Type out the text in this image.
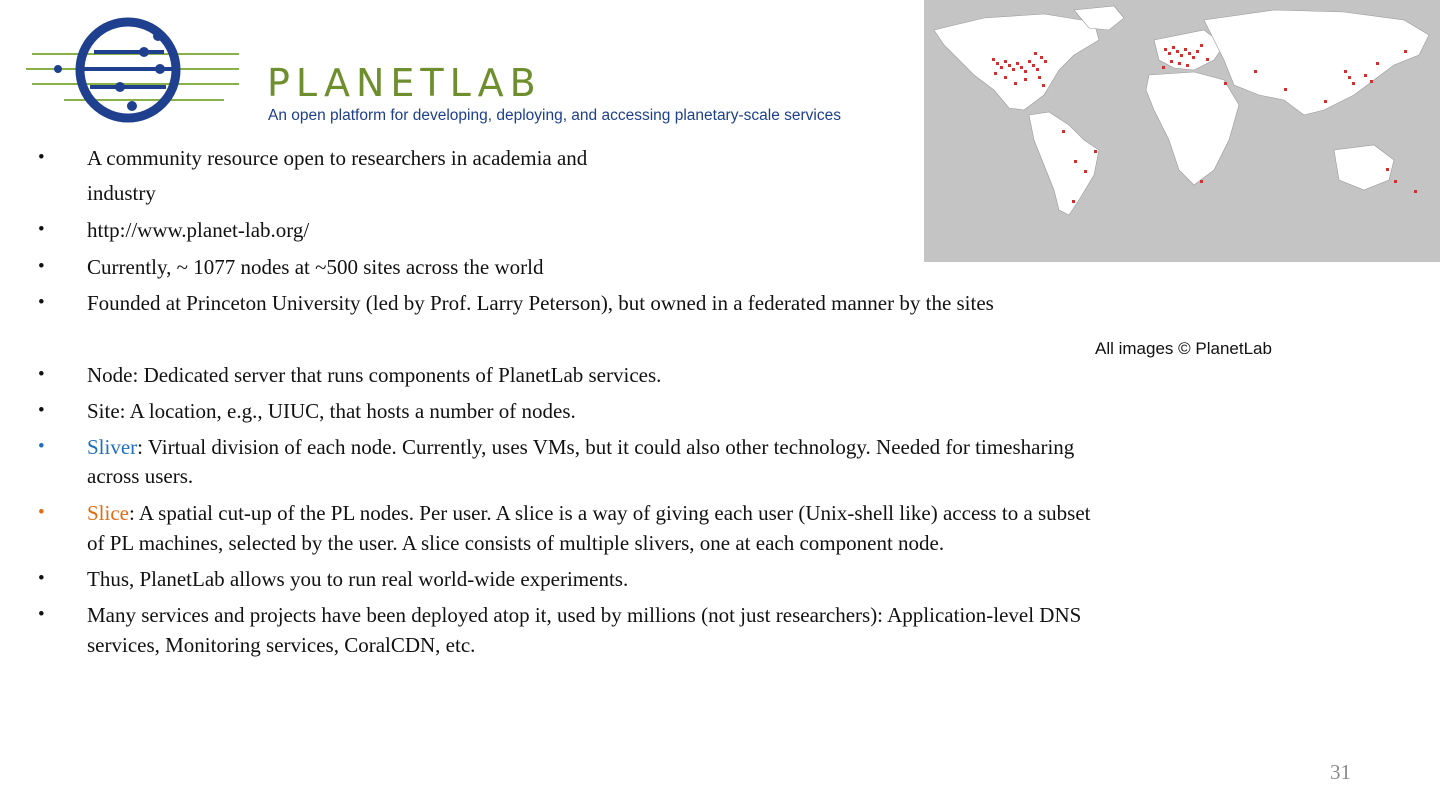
PLANETLAB
An open platform for developing, deploying, and accessing planetary-scale services
• A community resource open to researchers in academia and
industry
• http://www.planet-lab.org/
• Currently, ~ 1077 nodes at ~500 sites across the world
• Founded at Princeton University (led by Prof. Larry Peterson), but owned in a federated manner by the sites
• Node: Dedicated server that runs components of PlanetLab services.
• Site: A location, e.g., UIUC, that hosts a number of nodes.
• Sliver: Virtual division of each node. Currently, uses VMs, but it could also other technology. Needed for timesharing
across users.
• Slice: A spatial cut-up of the PL nodes. Per user. A slice is a way of giving each user (Unix-shell like) access to a subset
of PL machines, selected by the user. A slice consists of multiple slivers, one at each component node.
• Thus, PlanetLab allows you to run real world-wide experiments.
• Many services and projects have been deployed atop it, used by millions (not just researchers): Application-level DNS
services, Monitoring services, CoralCDN, etc.
All images © PlanetLab
31
